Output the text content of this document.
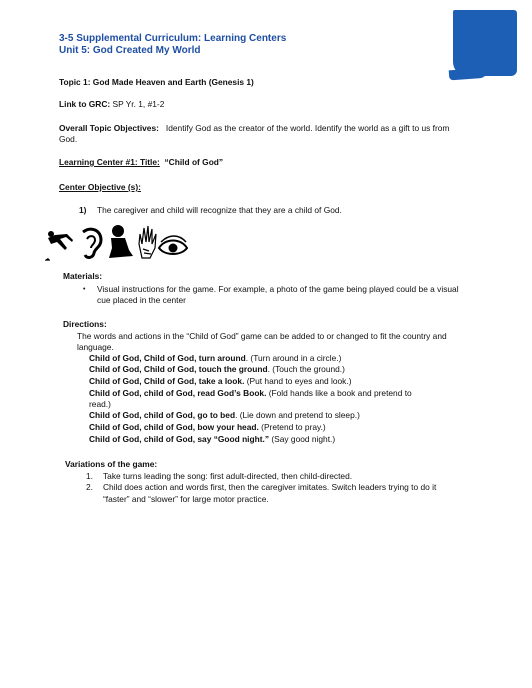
3-5 Supplemental Curriculum: Learning Centers
Unit 5: God Created My World
Topic 1: God Made Heaven and Earth (Genesis 1)
Link to GRC: SP Yr. 1, #1-2
Overall Topic Objectives:   Identify God as the creator of the world. Identify the world as a gift to us from
God.
Learning Center #1: Title:  “Child of God”
Center Objective (s):
1) The caregiver and child will recognize that they are a child of God.
Materials:
• Visual instructions for the game. For example, a photo of the game being played could be a visual
cue placed in the center
Directions:
The words and actions in the “Child of God” game can be added to or changed to fit the country and
language.
Child of God, Child of God, turn around. (Turn around in a circle.)
Child of God, Child of God, touch the ground. (Touch the ground.)
Child of God, Child of God, take a look. (Put hand to eyes and look.)
Child of God, child of God, read God’s Book. (Fold hands like a book and pretend to
read.)
Child of God, child of God, go to bed. (Lie down and pretend to sleep.)
Child of God, child of God, bow your head. (Pretend to pray.)
Child of God, child of God, say “Good night.” (Say good night.)
Variations of the game:
1. Take turns leading the song: first adult-directed, then child-directed.
2. Child does action and words first, then the caregiver imitates. Switch leaders trying to do it
“faster” and “slower” for large motor practice.
